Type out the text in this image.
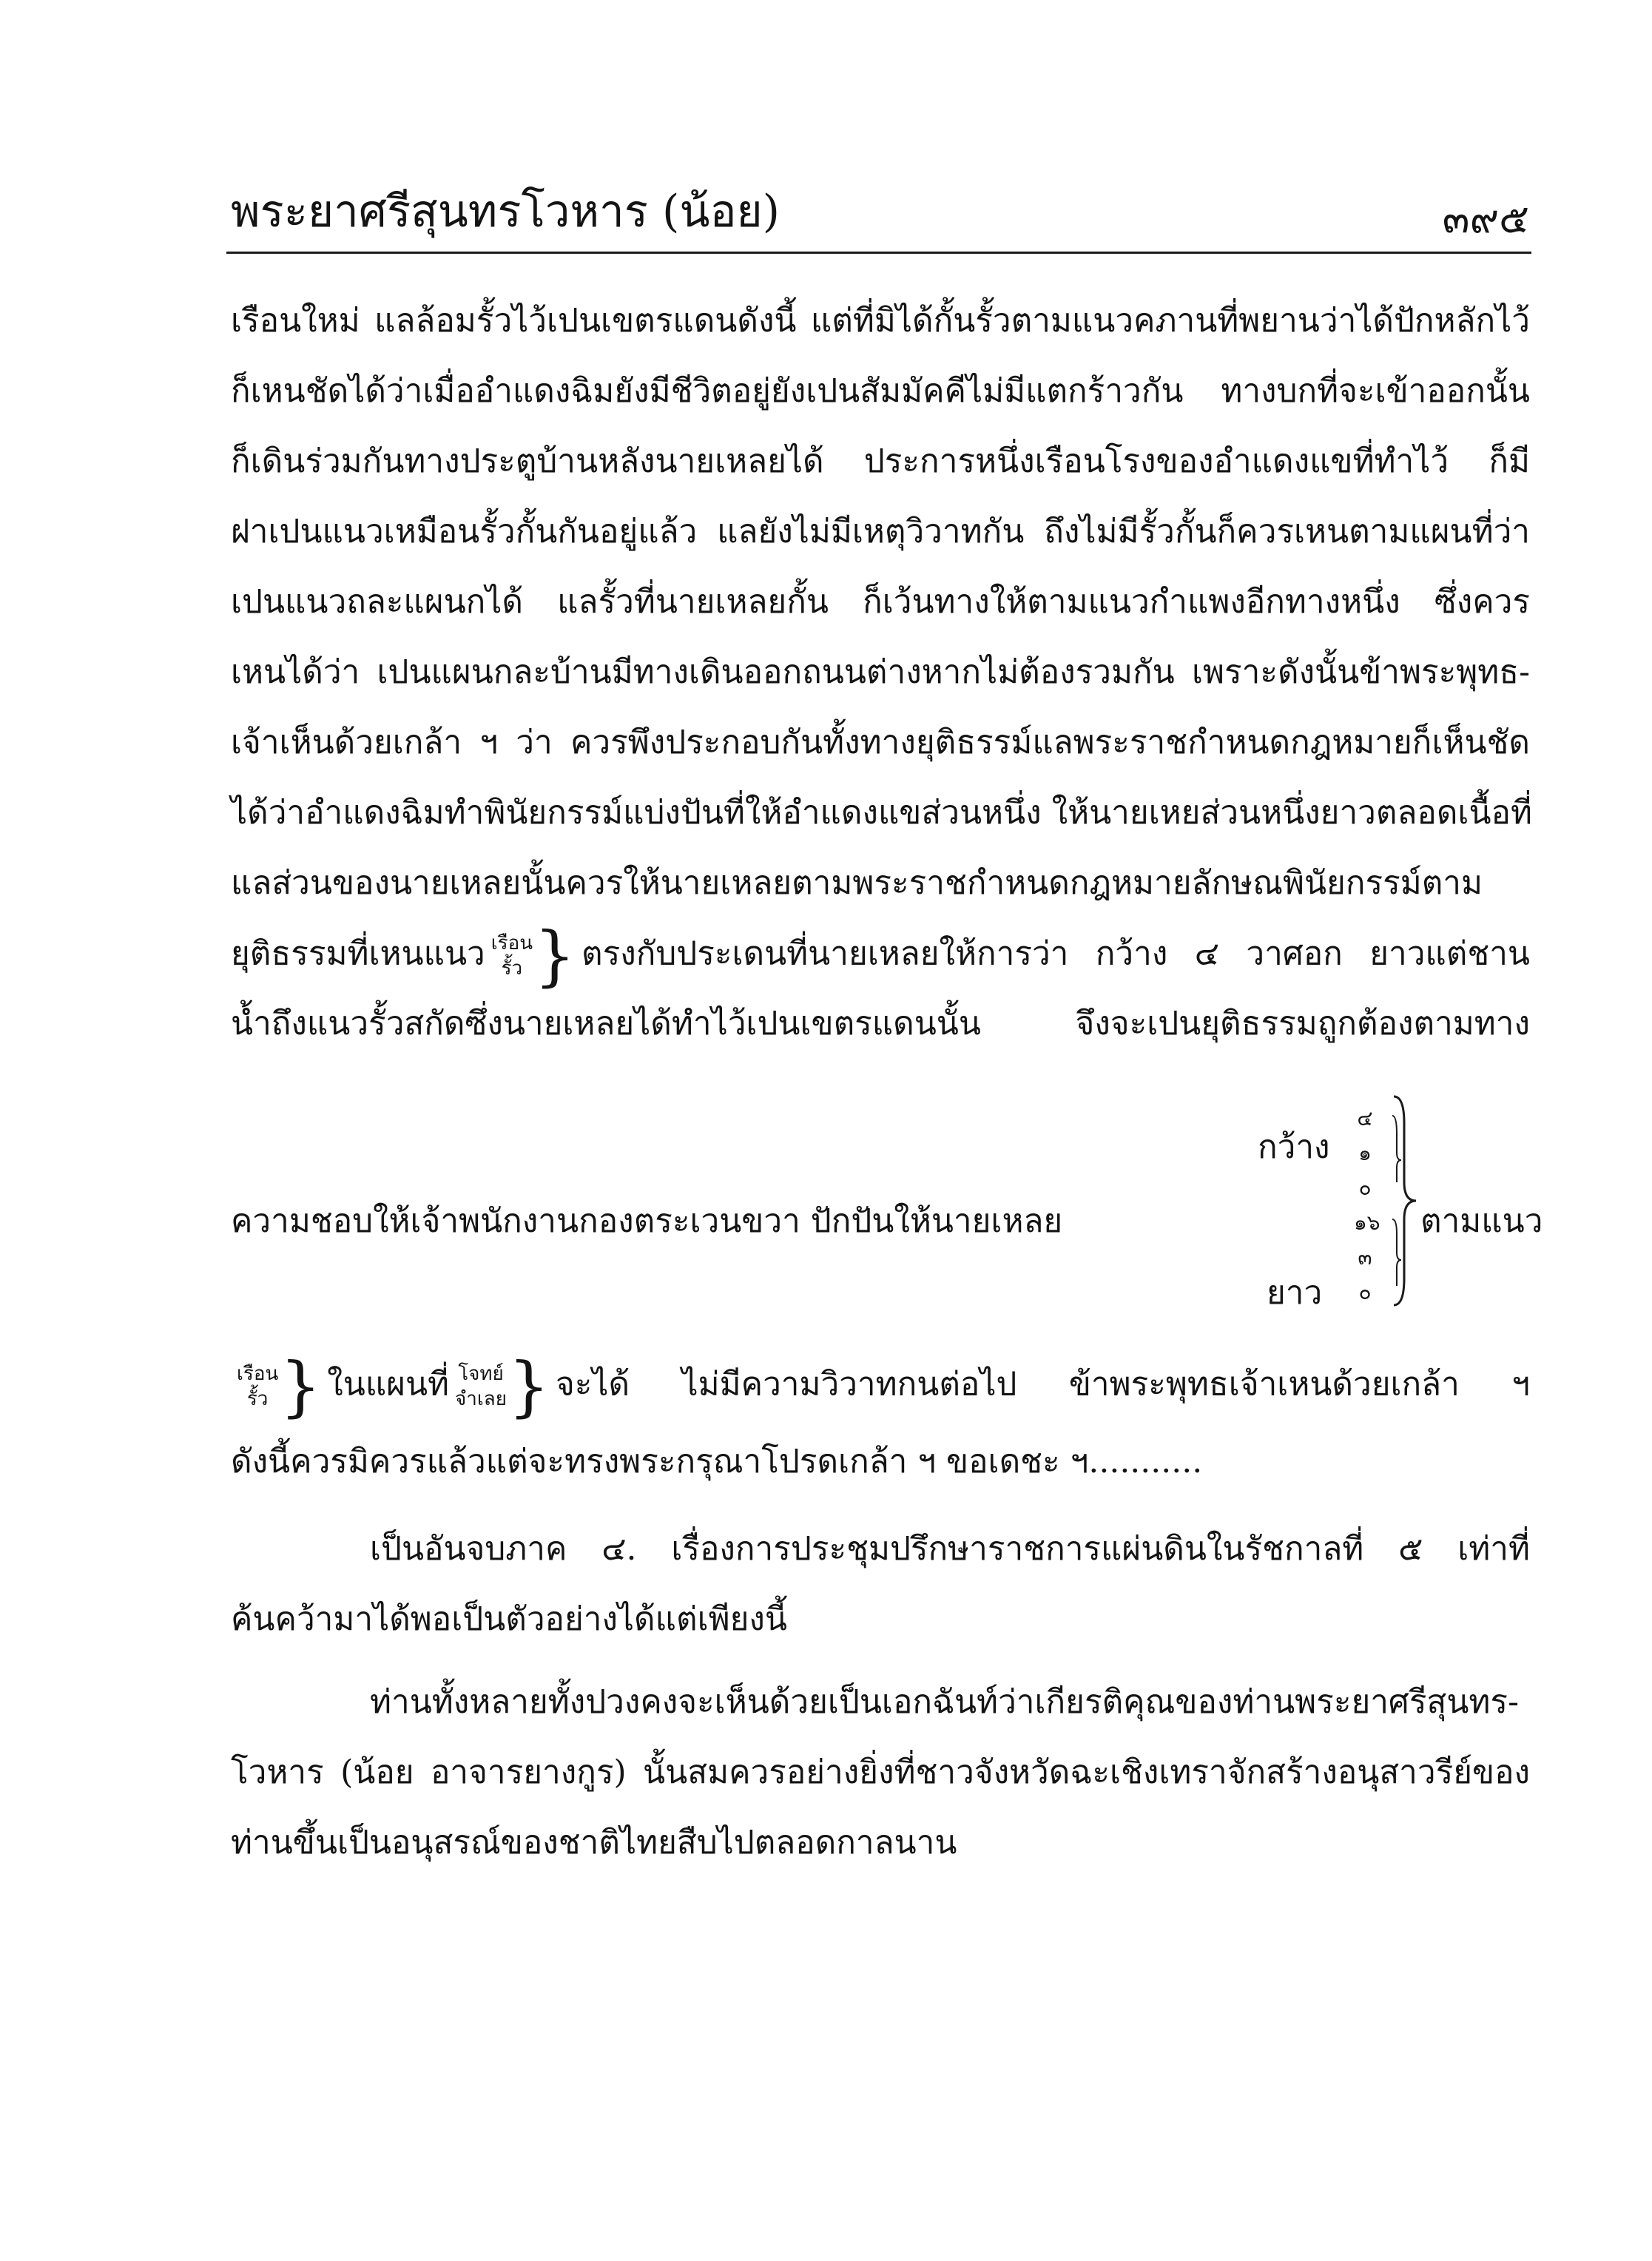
พระยาศรีสุนทรโวหาร (น้อย)	๓๙๕
เรือนใหม่ แลล้อมรั้วไว้เปนเขตรแดนดังนี้ แต่ที่มิได้กั้นรั้วตามแนวคภานที่พยานว่าได้ปักหลักไว้
ก็เหนชัดได้ว่าเมื่ออำแดงฉิมยังมีชีวิตอยู่ยังเปนสัมมัคคีไม่มีแตกร้าวกัน ทางบกที่จะเข้าออกนั้น
ก็เดินร่วมกันทางประตูบ้านหลังนายเหลยได้ ประการหนึ่งเรือนโรงของอำแดงแขที่ทำไว้ ก็มี
ฝาเปนแนวเหมือนรั้วกั้นกันอยู่แล้ว แลยังไม่มีเหตุวิวาทกัน ถึงไม่มีรั้วกั้นก็ควรเหนตามแผนที่ว่า
เปนแนวถละแผนกได้ แลรั้วที่นายเหลยกั้น ก็เว้นทางให้ตามแนวกำแพงอีกทางหนึ่ง ซึ่งควร
เหนได้ว่า เปนแผนกละบ้านมีทางเดินออกถนนต่างหากไม่ต้องรวมกัน เพราะดังนั้นข้าพระพุทธ-
เจ้าเห็นด้วยเกล้า ฯ ว่า ควรพึงประกอบกันทั้งทางยุติธรรม์แลพระราชกำหนดกฎหมายก็เห็นชัด
ได้ว่าอำแดงฉิมทำพินัยกรรม์แบ่งปันที่ให้อำแดงแขส่วนหนึ่ง ให้นายเหยส่วนหนึ่งยาวตลอดเนื้อที่
แลส่วนของนายเหลยนั้นควรให้นายเหลยตามพระราชกำหนดกฎหมายลักษณพินัยกรรม์ตาม
ยุติธรรมที่เหนแนว เรือน
รั้ว } ตรงกับประเดนที่นายเหลยให้การว่า กว้าง ๔ วาศอก ยาวแต่ชาน
น้ำถึงแนวรั้วสกัดซึ่งนายเหลยได้ทำไว้เปนเขตรแดนนั้น จึงจะเปนยุติธรรมถูกต้องตามทาง
กว้าง
ยาว
๔
๑
๐
๑๖
๓
๐
ตามแนว
ความชอบให้เจ้าพนักงานกองตระเวนขวา ปักปันให้นายเหลย
เรือน
รั้ว } ในแผนที่ โจทย์
จำเลย } จะได้ ไม่มีความวิวาทกนต่อไป ข้าพระพุทธเจ้าเหนด้วยเกล้า ฯ
ดังนี้ควรมิควรแล้วแต่จะทรงพระกรุณาโปรดเกล้า ฯ ขอเดชะ ฯ...........
เป็นอันจบภาค ๔. เรื่องการประชุมปรึกษาราชการแผ่นดินในรัชกาลที่ ๕ เท่าที่
ค้นคว้ามาได้พอเป็นตัวอย่างได้แต่เพียงนี้
ท่านทั้งหลายทั้งปวงคงจะเห็นด้วยเป็นเอกฉันท์ว่าเกียรติคุณของท่านพระยาศรีสุนทร-
โวหาร (น้อย อาจารยางกูร) นั้นสมควรอย่างยิ่งที่ชาวจังหวัดฉะเชิงเทราจักสร้างอนุสาวรีย์ของ
ท่านขึ้นเป็นอนุสรณ์ของชาติไทยสืบไปตลอดกาลนาน
